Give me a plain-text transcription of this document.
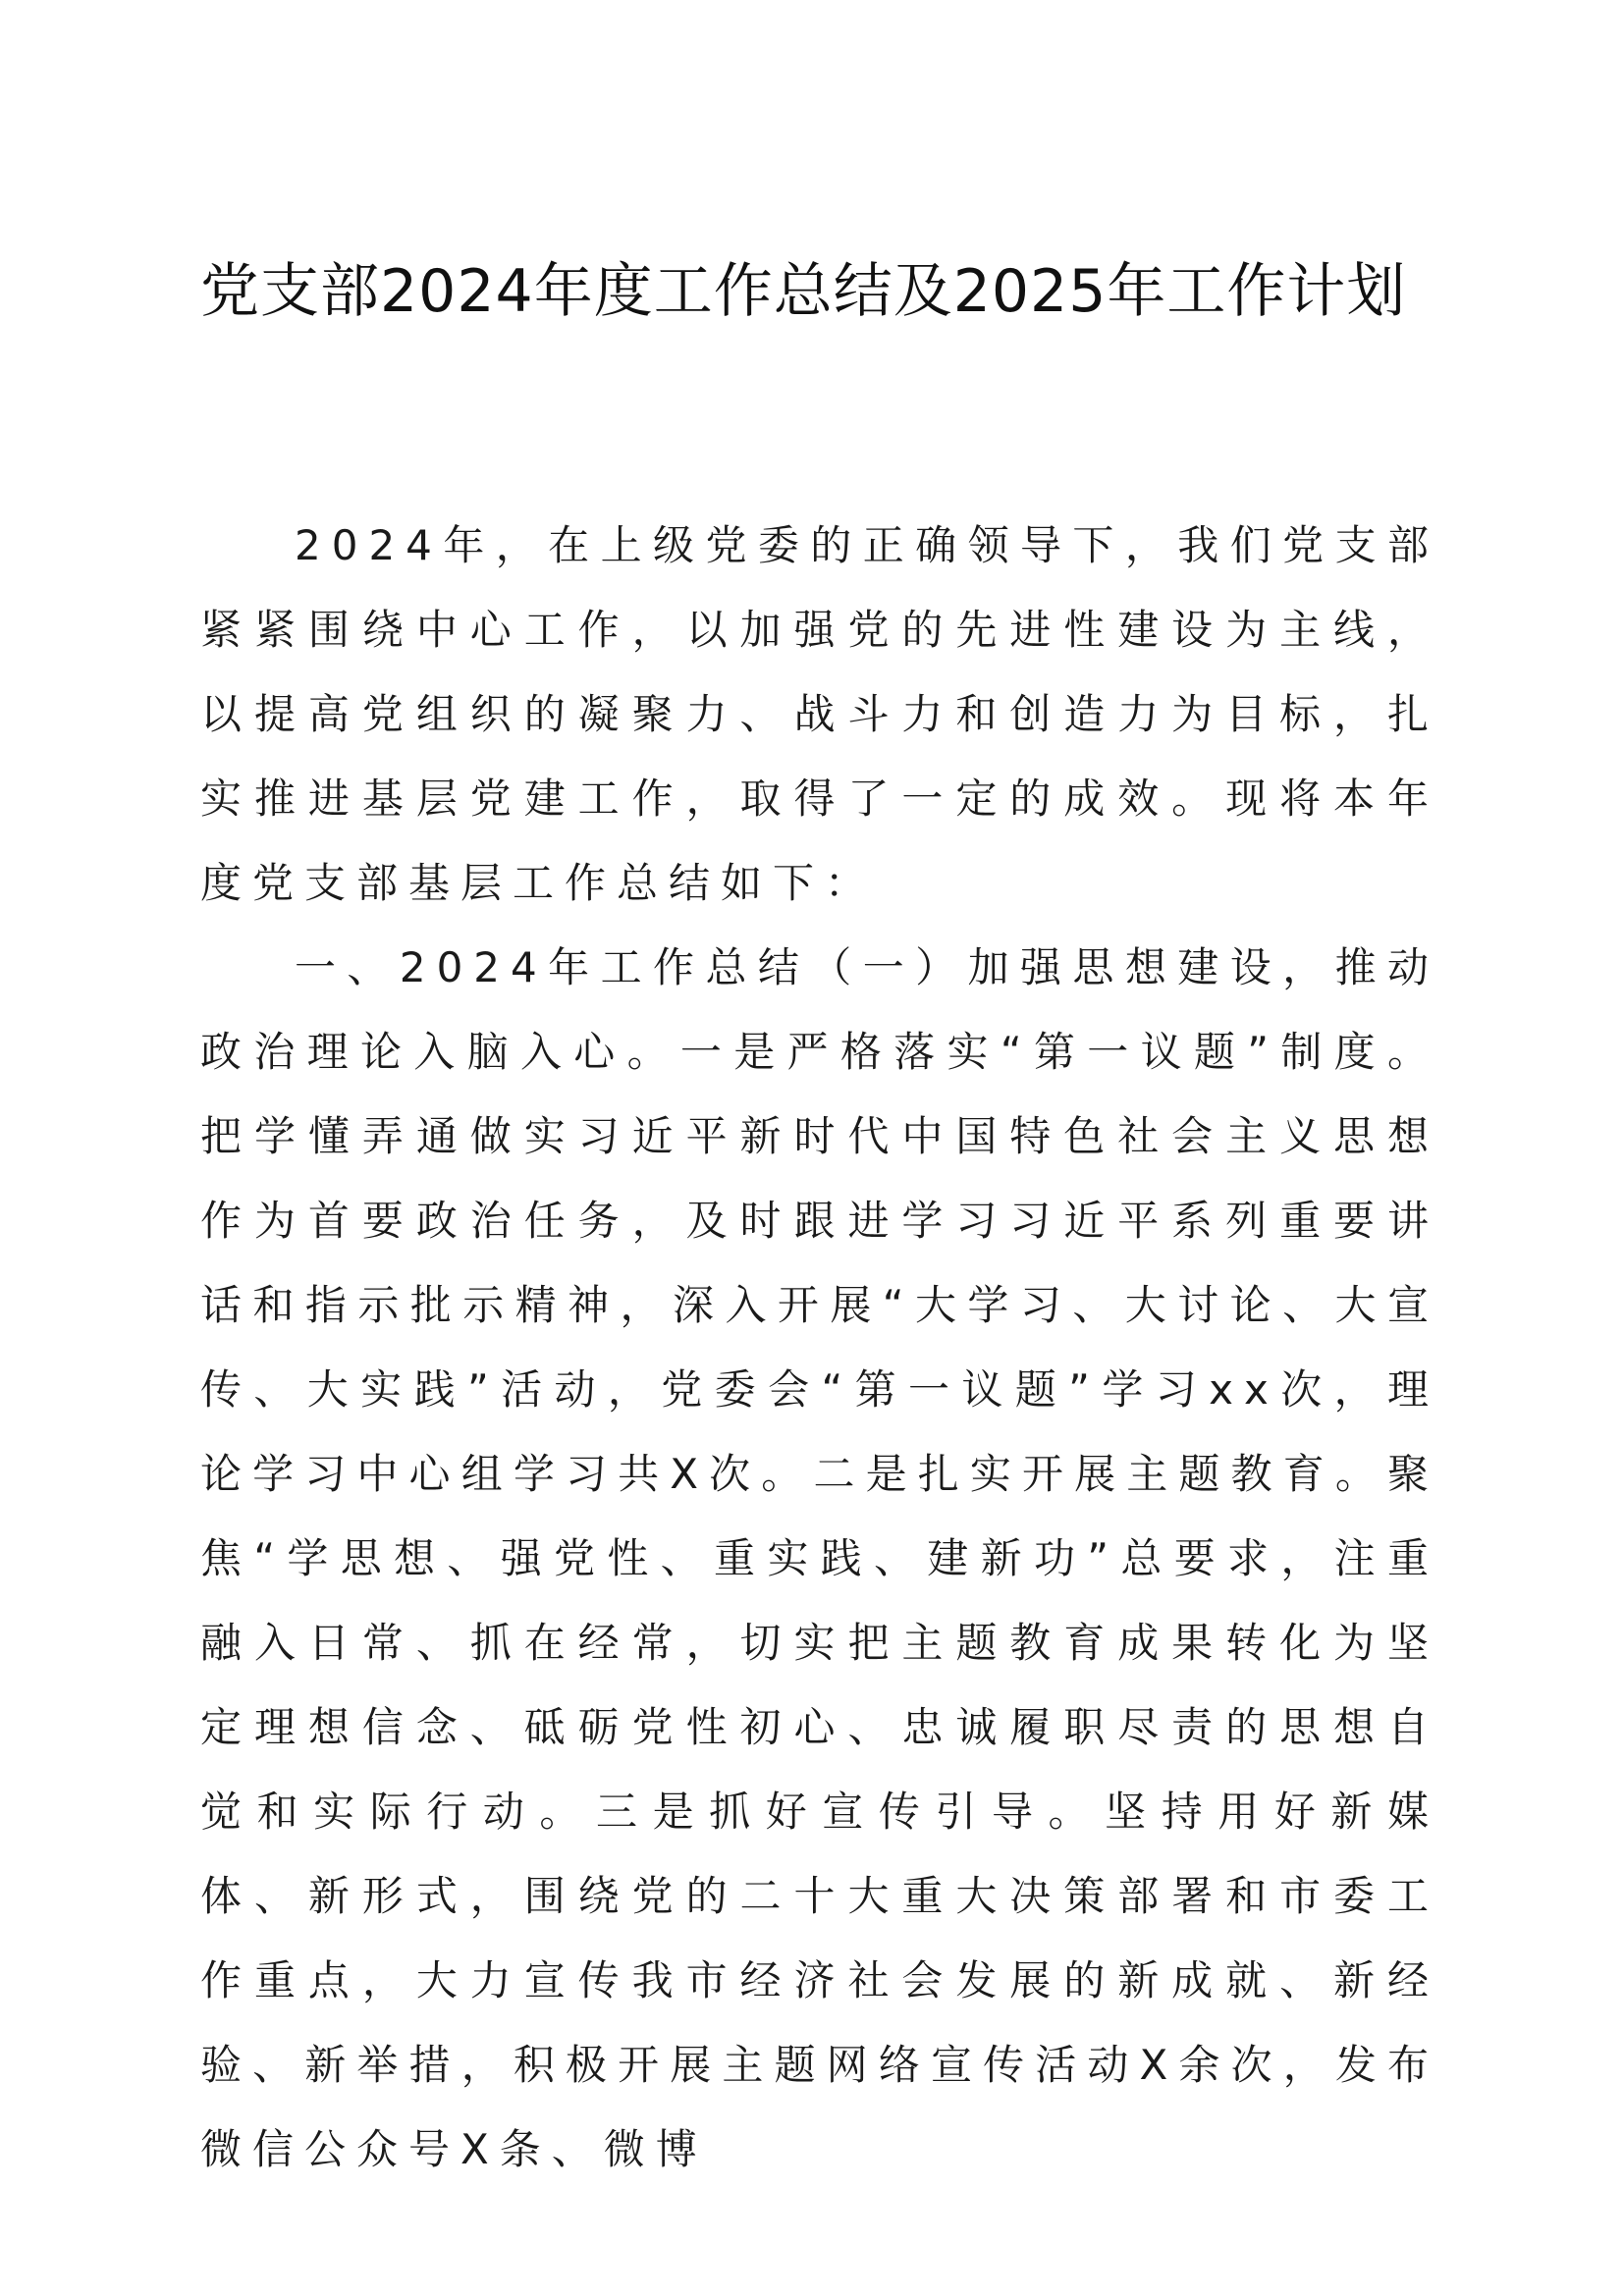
党支部2024年度工作总结及2025年工作计划

2024年，在上级党委的正确领导下，我们党支部紧紧围绕中心工作，以加强党的先进性建设为主线，以提高党组织的凝聚力、战斗力和创造力为目标，扎实推进基层党建工作，取得了一定的成效。现将本年度党支部基层工作总结如下：

一、2024年工作总结（一）加强思想建设，推动政治理论入脑入心。一是严格落实“第一议题”制度。把学懂弄通做实习近平新时代中国特色社会主义思想作为首要政治任务，及时跟进学习习近平系列重要讲话和指示批示精神，深入开展“大学习、大讨论、大宣传、大实践”活动，党委会“第一议题”学习xx次，理论学习中心组学习共X次。二是扎实开展主题教育。聚焦“学思想、强党性、重实践、建新功”总要求，注重融入日常、抓在经常，切实把主题教育成果转化为坚定理想信念、砥砺党性初心、忠诚履职尽责的思想自觉和实际行动。三是抓好宣传引导。坚持用好新媒体、新形式，围绕党的二十大重大决策部署和市委工作重点，大力宣传我市经济社会发展的新成就、新经验、新举措，积极开展主题网络宣传活动X余次，发布微信公众号X条、微博
